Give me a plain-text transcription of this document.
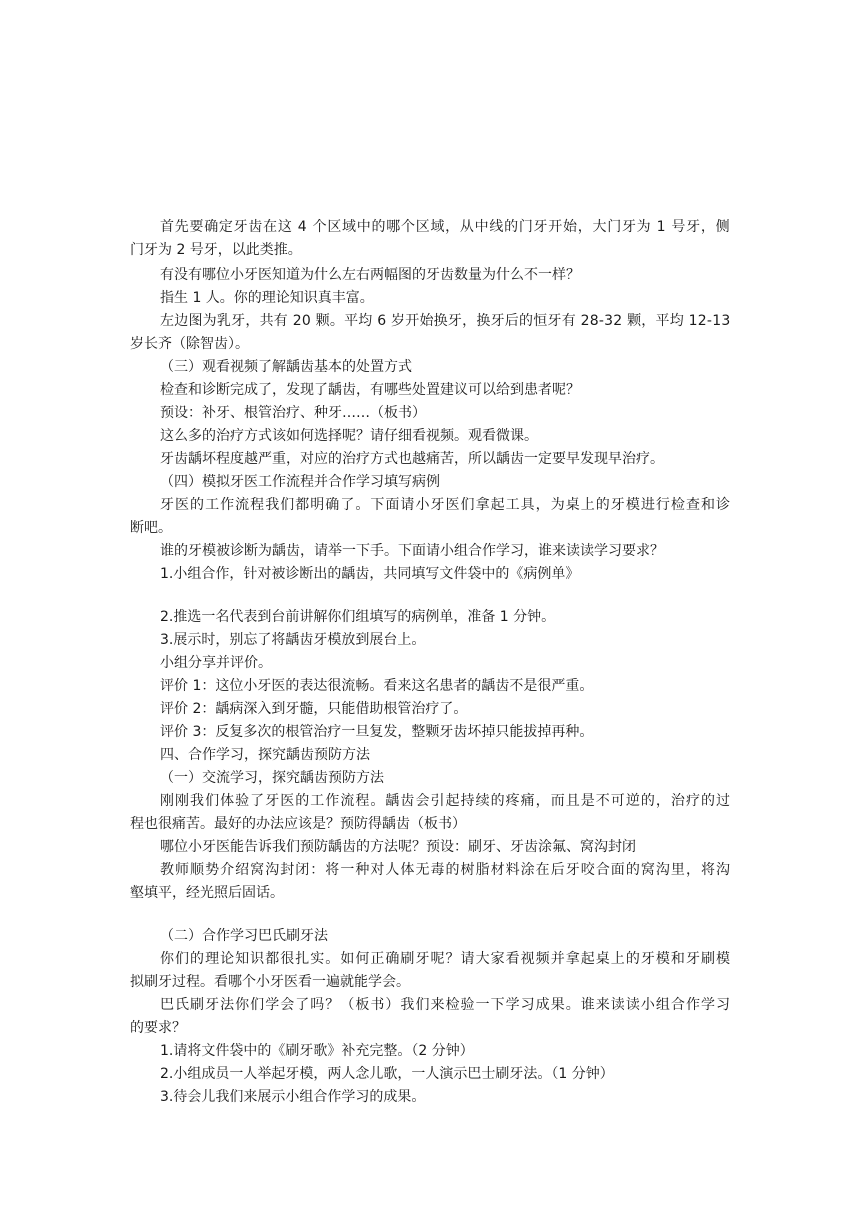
首先要确定牙齿在这 4 个区域中的哪个区域，从中线的门牙开始，大门牙为 1 号牙，侧

门牙为 2 号牙，以此类推。

有没有哪位小牙医知道为什么左右两幅图的牙齿数量为什么不一样？

指生 1 人。你的理论知识真丰富。

左边图为乳牙，共有 20 颗。平均 6 岁开始换牙，换牙后的恒牙有 28-32 颗，平均 12-13

岁长齐（除智齿）。

（三）观看视频了解龋齿基本的处置方式

检查和诊断完成了，发现了龋齿，有哪些处置建议可以给到患者呢？

预设：补牙、根管治疗、种牙……（板书）

这么多的治疗方式该如何选择呢？请仔细看视频。观看微课。

牙齿龋坏程度越严重，对应的治疗方式也越痛苦，所以龋齿一定要早发现早治疗。

（四）模拟牙医工作流程并合作学习填写病例

牙医的工作流程我们都明确了。下面请小牙医们拿起工具，为桌上的牙模进行检查和诊

断吧。

谁的牙模被诊断为龋齿，请举一下手。下面请小组合作学习，谁来读读学习要求？

1.小组合作，针对被诊断出的龋齿，共同填写文件袋中的《病例单》

2.推选一名代表到台前讲解你们组填写的病例单，准备 1 分钟。

3.展示时，别忘了将龋齿牙模放到展台上。

小组分享并评价。

评价 1：这位小牙医的表达很流畅。看来这名患者的龋齿不是很严重。

评价 2：龋病深入到牙髓，只能借助根管治疗了。

评价 3：反复多次的根管治疗一旦复发，整颗牙齿坏掉只能拔掉再种。

四、合作学习，探究龋齿预防方法

（一）交流学习，探究龋齿预防方法

刚刚我们体验了牙医的工作流程。龋齿会引起持续的疼痛，而且是不可逆的，治疗的过

程也很痛苦。最好的办法应该是？预防得龋齿（板书）

哪位小牙医能告诉我们预防龋齿的方法呢？预设：刷牙、牙齿涂氟、窝沟封闭

教师顺势介绍窝沟封闭：将一种对人体无毒的树脂材料涂在后牙咬合面的窝沟里，将沟

壑填平，经光照后固话。

（二）合作学习巴氏刷牙法

你们的理论知识都很扎实。如何正确刷牙呢？请大家看视频并拿起桌上的牙模和牙刷模

拟刷牙过程。看哪个小牙医看一遍就能学会。

巴氏刷牙法你们学会了吗？（板书）我们来检验一下学习成果。谁来读读小组合作学习

的要求？

1.请将文件袋中的《刷牙歌》补充完整。（2 分钟）

2.小组成员一人举起牙模，两人念儿歌，一人演示巴士刷牙法。（1 分钟）

3.待会儿我们来展示小组合作学习的成果。
